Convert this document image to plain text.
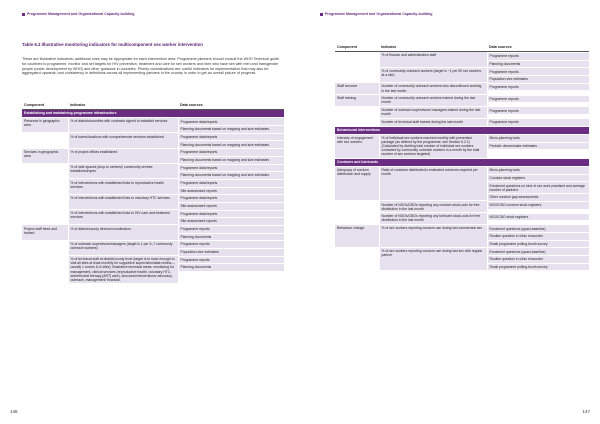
Programme Management and Organizational Capacity-building
Table 6.3 Illustrative monitoring indicators for multicomponent sex worker intervention

These are illustrative indicators; additional ones may be appropriate for each intervention area. Programme planners should consult the WHO Technical guide for countries to programme, monitor and set targets for HIV prevention, treatment and care for sex workers and men who have sex with men and transgender people (under development by WHO) and other guidance in countries. Priority considerations are: useful indicators for implementation that may also be aggregated upwards; and consistency in definitions across all implementing partners in the country in order to get an overall picture of progress.

Component	Indicator	Data sources
Establishing and maintaining programme infrastructure		
Presence in geographic area	% of districts/counties with contracts signed to establish services	Programme data/reports
Planning documents based on mapping and size estimates

	% of towns/locations with comprehensive services established	Programme data/reports
Planning documents based on mapping and size estimates

Services in geographic area	% of project offices established	Programme data/reports
Planning documents based on mapping and size estimates

	% of safe spaces (drop-in centres)/ community centres established/open	Programme data/reports
Planning documents based on mapping and size estimates

	% of interventions with established links to reproductive health services	Programme data/reports
Site assessment reports

	% of interventions with established links to voluntary HTC services	Programme data/reports
Site assessment reports

	% of interventions with established links to HIV care and treatment services	Programme data/reports
Site assessment reports

Project staff hired and trained	% of district/county director/coordinators	Programme reports
Planning documents

	% of outreach supervisors/managers (target is 1 per 5–7 community outreach workers)	Programme reports
Population size estimates

	% of technical staff at district/county level (target is to have enough to visit all sites at least monthly for supportive supervision/data review—usually 1 covers 5–6 sites). Illustrative technical areas: monitoring for management, clinical services (reproductive health, voluntary HTC, antiretroviral therapy [ART] care), structural interventions/ advocacy, outreach, management/ financial.	Programme reports
Planning documents
146
Programme Management and Organizational Capacity-building
Component	Indicator	Data sources
	% of finance and administration staff	Programme reports
Planning documents

	% of community outreach workers (target is ~1 per 50 sex workers at a site)	Programme reports
Population size estimates

Staff turnover	Number of community outreach workers who discontinued working in the last month	Programme reports

Staff training	Number of community outreach workers trained during the last month	Programme reports

	Number of outreach supervisors/ managers trained during the last month	Programme reports

	Number of technical staff trained during the last month	Programme reports

Behavioural interventions		
Intensity of engagement with sex workers	% of individual sex workers reached monthly with prevention package (as defined by the programme; see Section 6.2.1) (Calculated by dividing total number of individual sex workers contacted by community outreach workers in a month by the total number of sex workers targeted)	Micro-planning tools
Periodic denominator estimates

Condoms and lubricants		
Adequacy of condom distribution and supply	Ratio of condoms distributed to estimated condoms required per month	Micro-planning tools
Condom stock registers
Enrolment questions on kind of sex work practised and average number of partners
Other condom gap assessments

	Number of NGOs/CBOs reporting any condom stock-outs for free distribution in the last month	NGO/CBO condom stock registers

	Number of NGOs/CBOs reporting any lubricant stock-outs for free distribution in the last month	NGO/CBO stock registers

Behaviour change	% of sex workers reporting condom use during last commercial sex	Enrolment questions (quasi-baseline)
Routine question in clinic encounter
Small programme polling-booth survey

	% of sex workers reporting condom use during last sex with regular partner	Enrolment questions (quasi-baseline)
Routine question in clinic encounter
Small programme polling-booth survey
147
